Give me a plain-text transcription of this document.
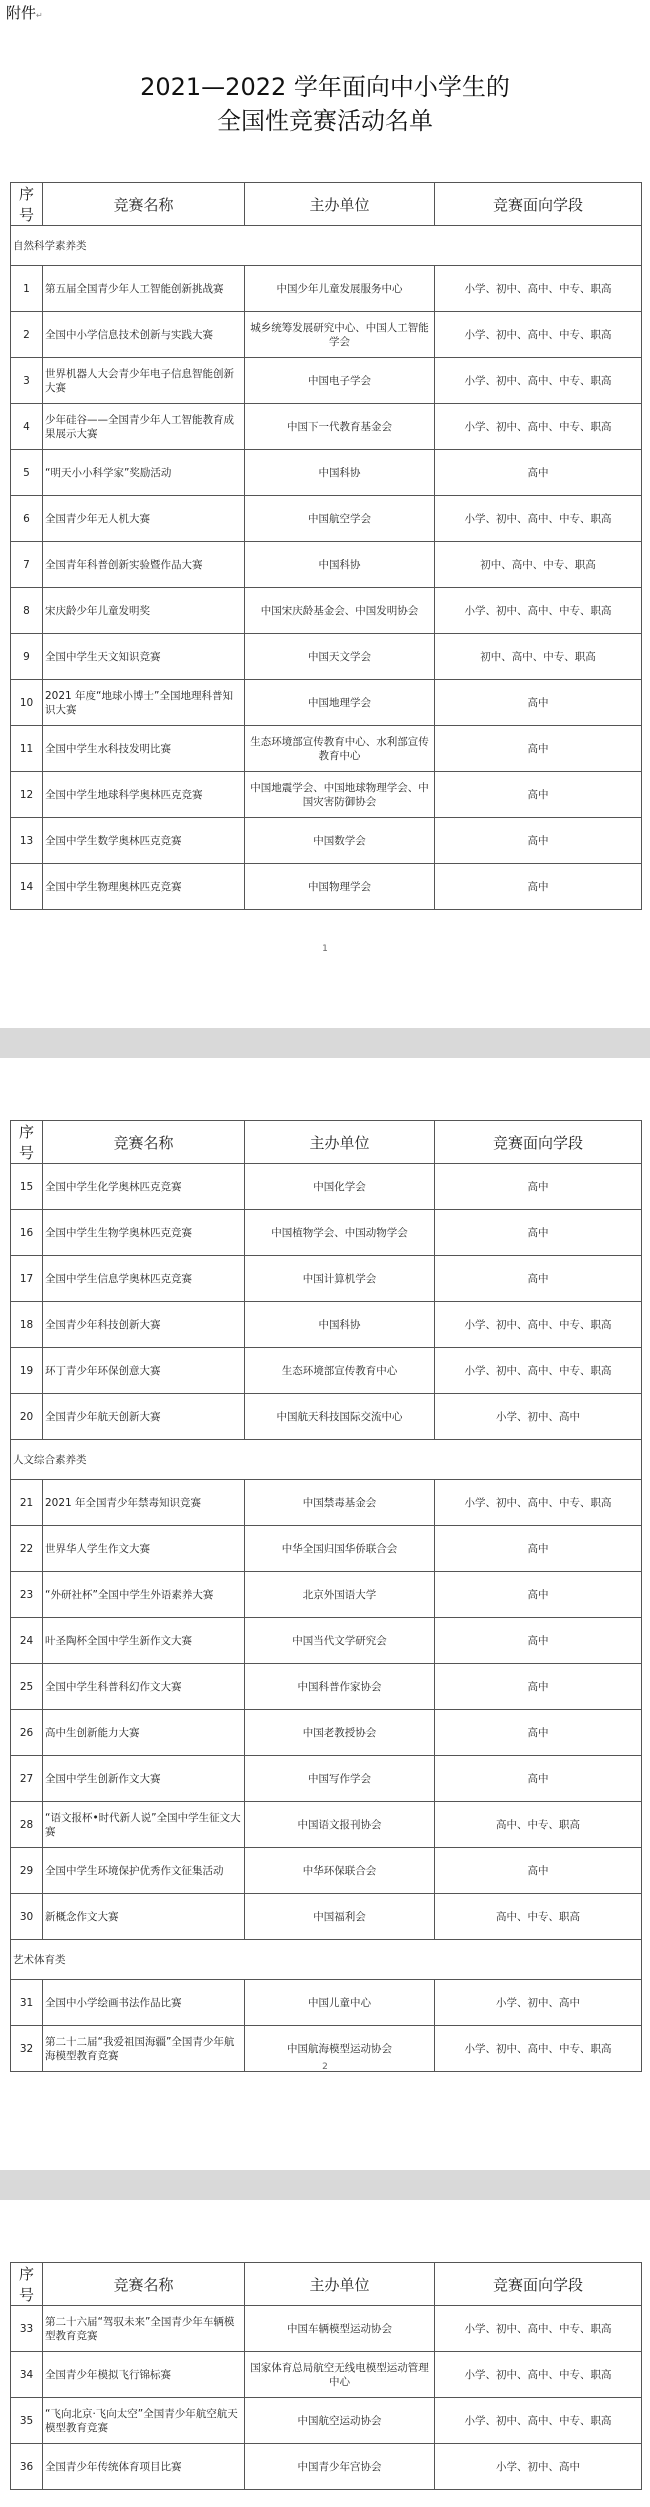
附件↵
2021—2022 学年面向中小学生的
全国性竞赛活动名单
序号	竞赛名称	主办单位	竞赛面向学段
自然科学素养类			
1	第五届全国青少年人工智能创新挑战赛	中国少年儿童发展服务中心	小学、初中、高中、中专、职高
2	全国中小学信息技术创新与实践大赛	城乡统筹发展研究中心、中国人工智能学会	小学、初中、高中、中专、职高
3	世界机器人大会青少年电子信息智能创新大赛	中国电子学会	小学、初中、高中、中专、职高
4	少年硅谷——全国青少年人工智能教育成果展示大赛	中国下一代教育基金会	小学、初中、高中、中专、职高
5	“明天小小科学家”奖励活动	中国科协	高中
6	全国青少年无人机大赛	中国航空学会	小学、初中、高中、中专、职高
7	全国青年科普创新实验暨作品大赛	中国科协	初中、高中、中专、职高
8	宋庆龄少年儿童发明奖	中国宋庆龄基金会、中国发明协会	小学、初中、高中、中专、职高
9	全国中学生天文知识竞赛	中国天文学会	初中、高中、中专、职高
10	2021 年度“地球小博士”全国地理科普知识大赛	中国地理学会	高中
11	全国中学生水科技发明比赛	生态环境部宣传教育中心、水利部宣传教育中心	高中
12	全国中学生地球科学奥林匹克竞赛	中国地震学会、中国地球物理学会、中国灾害防御协会	高中
13	全国中学生数学奥林匹克竞赛	中国数学会	高中
14	全国中学生物理奥林匹克竞赛	中国物理学会	高中
1
序号	竞赛名称	主办单位	竞赛面向学段
15	全国中学生化学奥林匹克竞赛	中国化学会	高中
16	全国中学生生物学奥林匹克竞赛	中国植物学会、中国动物学会	高中
17	全国中学生信息学奥林匹克竞赛	中国计算机学会	高中
18	全国青少年科技创新大赛	中国科协	小学、初中、高中、中专、职高
19	环丁青少年环保创意大赛	生态环境部宣传教育中心	小学、初中、高中、中专、职高
20	全国青少年航天创新大赛	中国航天科技国际交流中心	小学、初中、高中
人文综合素养类			
21	2021 年全国青少年禁毒知识竞赛	中国禁毒基金会	小学、初中、高中、中专、职高
22	世界华人学生作文大赛	中华全国归国华侨联合会	高中
23	“外研社杯”全国中学生外语素养大赛	北京外国语大学	高中
24	叶圣陶杯全国中学生新作文大赛	中国当代文学研究会	高中
25	全国中学生科普科幻作文大赛	中国科普作家协会	高中
26	高中生创新能力大赛	中国老教授协会	高中
27	全国中学生创新作文大赛	中国写作学会	高中
28	“语文报杯•时代新人说”全国中学生征文大赛	中国语文报刊协会	高中、中专、职高
29	全国中学生环境保护优秀作文征集活动	中华环保联合会	高中
30	新概念作文大赛	中国福利会	高中、中专、职高
艺术体育类			
31	全国中小学绘画书法作品比赛	中国儿童中心	小学、初中、高中
32	第二十二届“我爱祖国海疆”全国青少年航海模型教育竞赛	中国航海模型运动协会	小学、初中、高中、中专、职高
2
序号	竞赛名称	主办单位	竞赛面向学段
33	第二十六届“驾驭未来”全国青少年车辆模型教育竞赛	中国车辆模型运动协会	小学、初中、高中、中专、职高
34	全国青少年模拟飞行锦标赛	国家体育总局航空无线电模型运动管理中心	小学、初中、高中、中专、职高
35	“飞向北京·飞向太空”全国青少年航空航天模型教育竞赛	中国航空运动协会	小学、初中、高中、中专、职高
36	全国青少年传统体育项目比赛	中国青少年宫协会	小学、初中、高中
